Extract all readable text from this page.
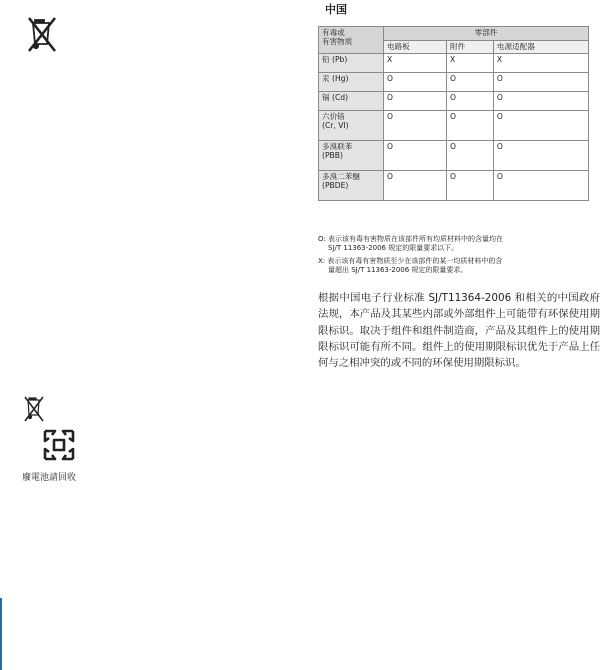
中国
有毒或
有害物质	零部件		
	电路板	附件	电源适配器
铅 (Pb)	X	X	X
汞 (Hg)	O	O	O
镉 (Cd)	O	O	O
六价铬
(Cr, VI)	O	O	O
多溴联苯
(PBB)	O	O	O
多溴二苯醚
(PBDE)	O	O	O
O: 表示该有毒有害物质在该部件所有均质材料中的含量均在
SJ/T 11363-2006 规定的限量要求以下。
X: 表示该有毒有害物质至少在该部件的某一均质材料中的含
量超出 SJ/T 11363-2006 规定的限量要求。
根据中国电子行业标准 SJ/T11364-2006 和相关的中国政府法规，本产品及其某些内部或外部组件上可能带有环保使用期限标识。取决于组件和组件制造商，产品及其组件上的使用期限标识可能有所不同。组件上的使用期限标识优先于产品上任何与之相冲突的或不同的环保使用期限标识。
廢電池請回收
